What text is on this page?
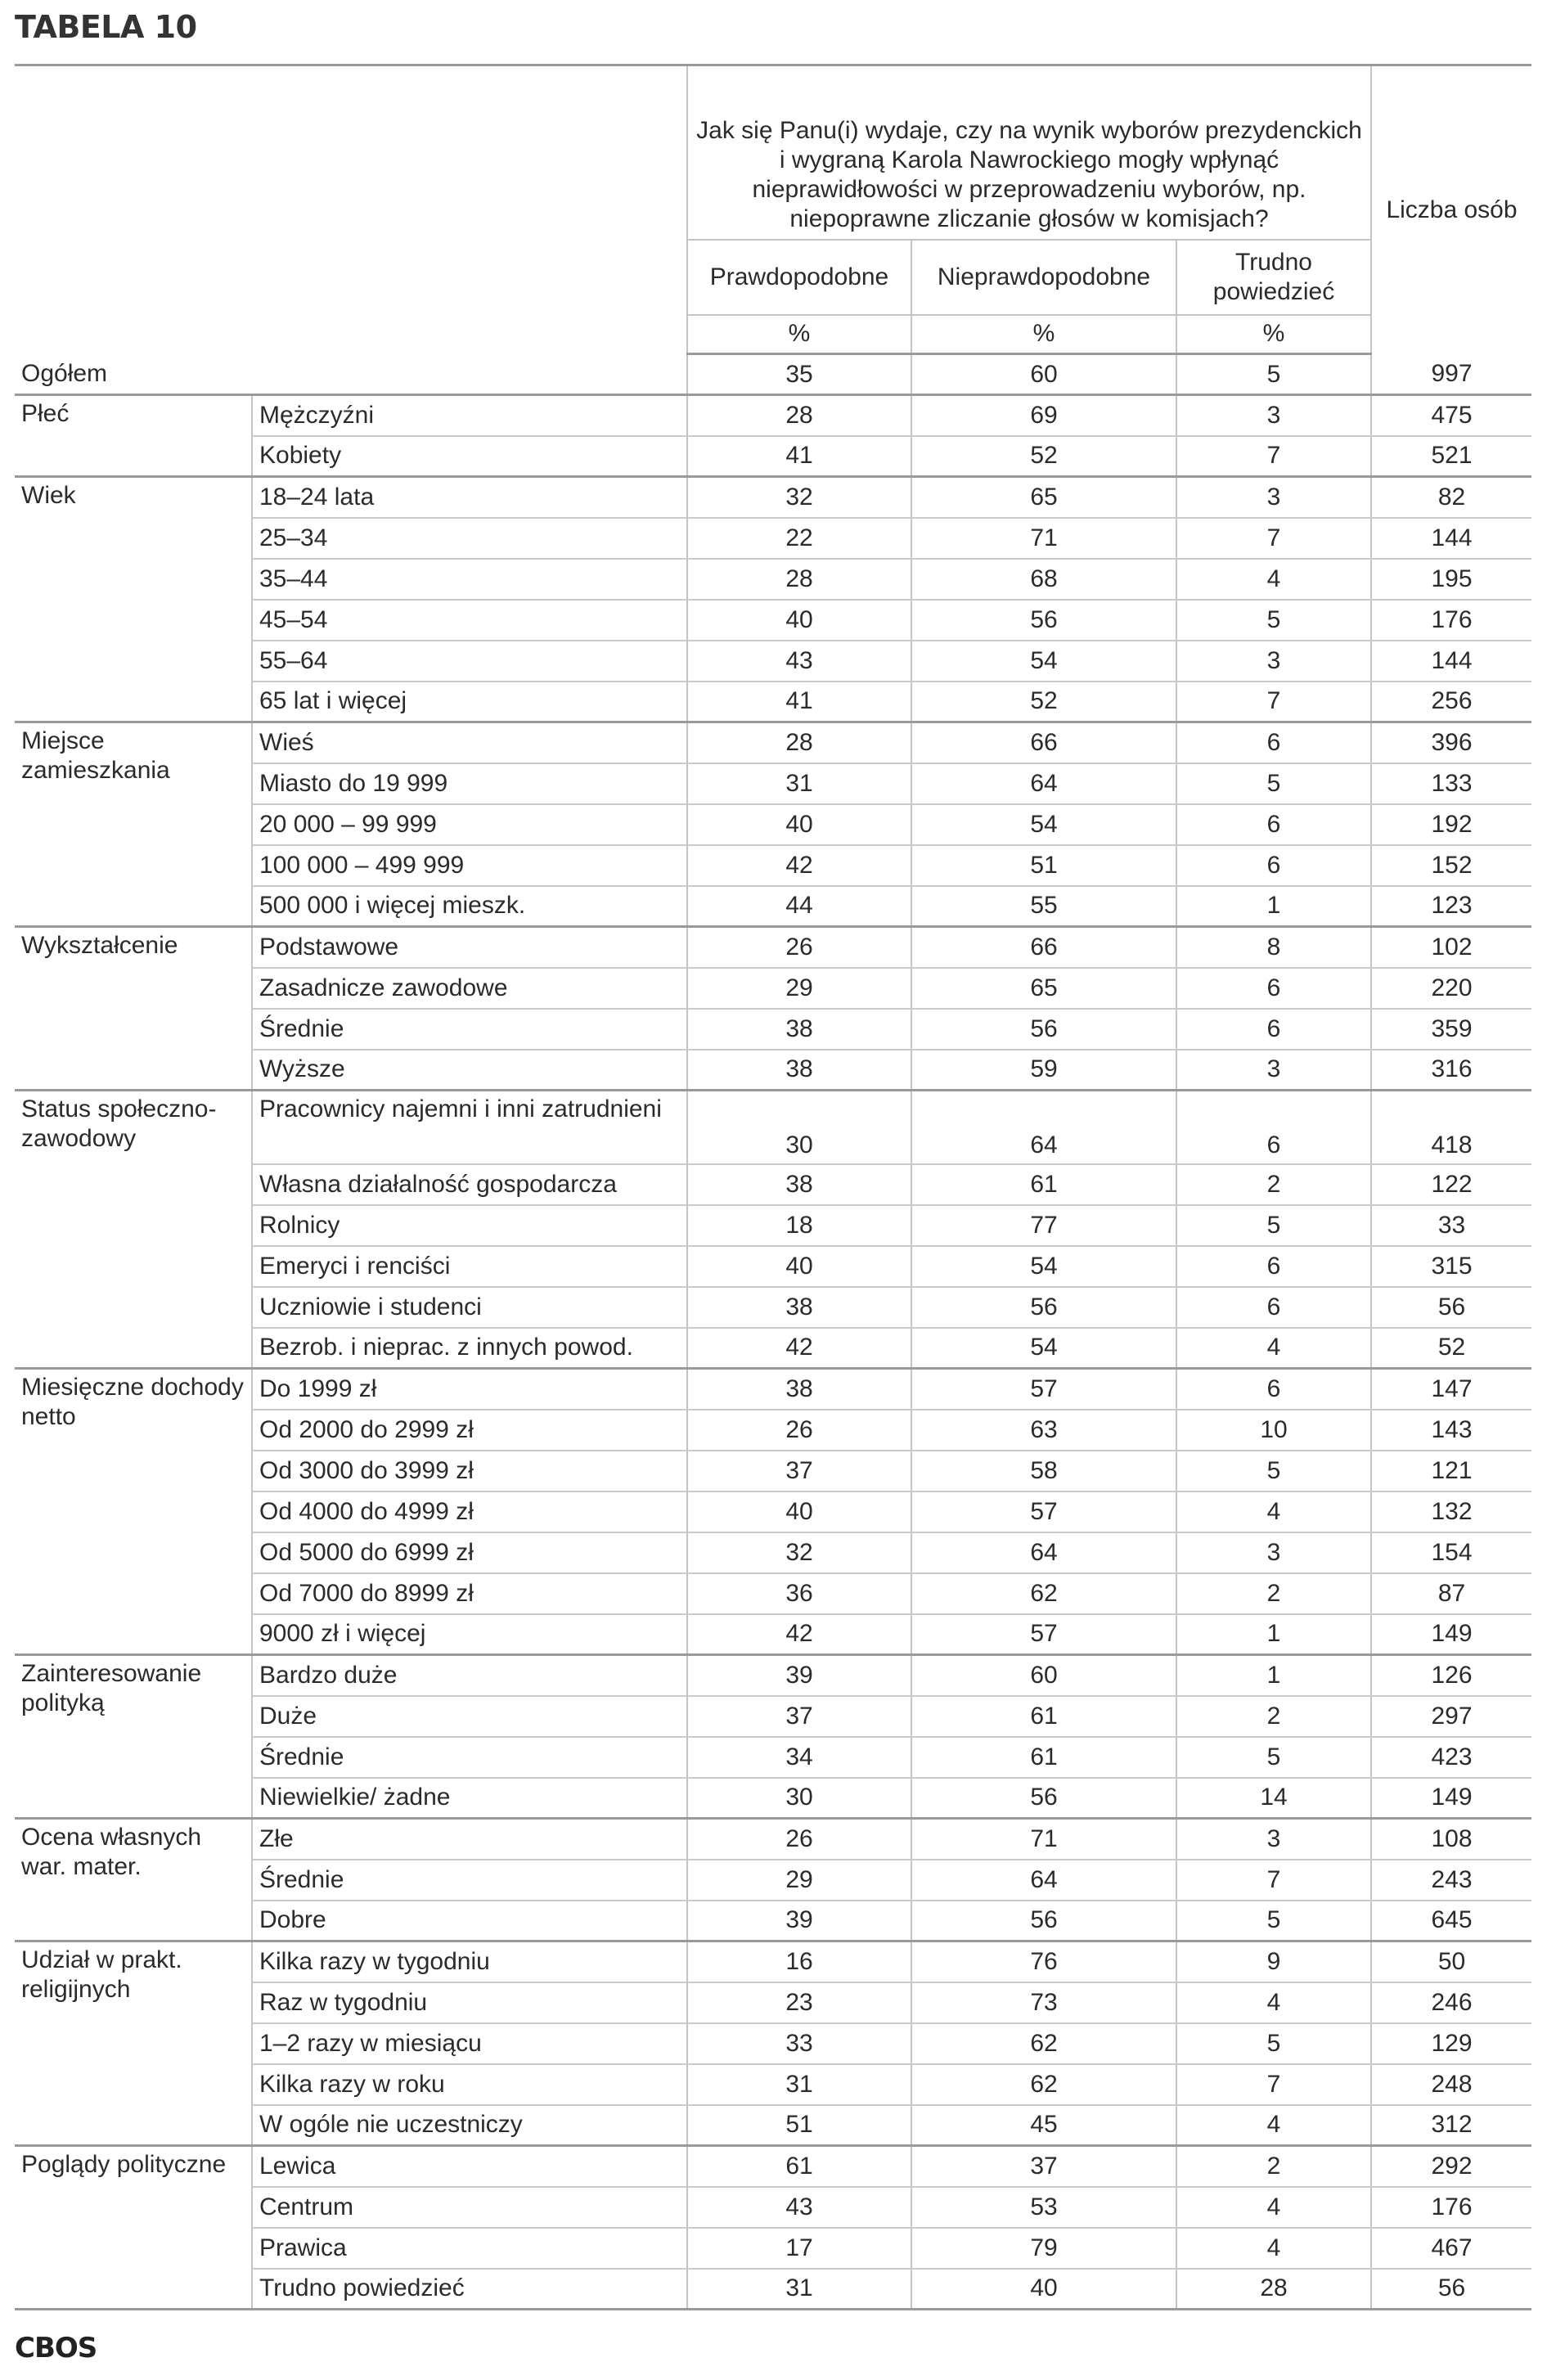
TABELA 10
		Jak się Panu(i) wydaje, czy na wynik wyborów prezydenckich i wygraną Karola Nawrockiego mogły wpłynąć nieprawidłowości w przeprowadzeniu wyborów, np. niepoprawne zliczanie głosów w komisjach?			Liczba osób
		Prawdopodobne	Nieprawdopodobne	Trudno powiedzieć	
		%	%	%	
Ogółem		35	60	5	997
Płeć	Mężczyźni	28	69	3	475
	Kobiety	41	52	7	521
Wiek	18–24 lata	32	65	3	82
	25–34	22	71	7	144
	35–44	28	68	4	195
	45–54	40	56	5	176
	55–64	43	54	3	144
	65 lat i więcej	41	52	7	256
Miejsce zamieszkania	Wieś	28	66	6	396
	Miasto do 19 999	31	64	5	133
	20 000 – 99 999	40	54	6	192
	100 000 – 499 999	42	51	6	152
	500 000 i więcej mieszk.	44	55	1	123
Wykształcenie	Podstawowe	26	66	8	102
	Zasadnicze zawodowe	29	65	6	220
	Średnie	38	56	6	359
	Wyższe	38	59	3	316
Status społeczno-zawodowy	Pracownicy najemni i inni zatrudnieni	30	64	6	418
	Własna działalność gospodarcza	38	61	2	122
	Rolnicy	18	77	5	33
	Emeryci i renciści	40	54	6	315
	Uczniowie i studenci	38	56	6	56
	Bezrob. i nieprac. z innych powod.	42	54	4	52
Miesięczne dochody netto	Do 1999 zł	38	57	6	147
	Od 2000 do 2999 zł	26	63	10	143
	Od 3000 do 3999 zł	37	58	5	121
	Od 4000 do 4999 zł	40	57	4	132
	Od 5000 do 6999 zł	32	64	3	154
	Od 7000 do 8999 zł	36	62	2	87
	9000 zł i więcej	42	57	1	149
Zainteresowanie polityką	Bardzo duże	39	60	1	126
	Duże	37	61	2	297
	Średnie	34	61	5	423
	Niewielkie/ żadne	30	56	14	149
Ocena własnych war. mater.	Złe	26	71	3	108
	Średnie	29	64	7	243
	Dobre	39	56	5	645
Udział w prakt. religijnych	Kilka razy w tygodniu	16	76	9	50
	Raz w tygodniu	23	73	4	246
	1–2 razy w miesiącu	33	62	5	129
	Kilka razy w roku	31	62	7	248
	W ogóle nie uczestniczy	51	45	4	312
Poglądy polityczne	Lewica	61	37	2	292
	Centrum	43	53	4	176
	Prawica	17	79	4	467
	Trudno powiedzieć	31	40	28	56
CBOS
